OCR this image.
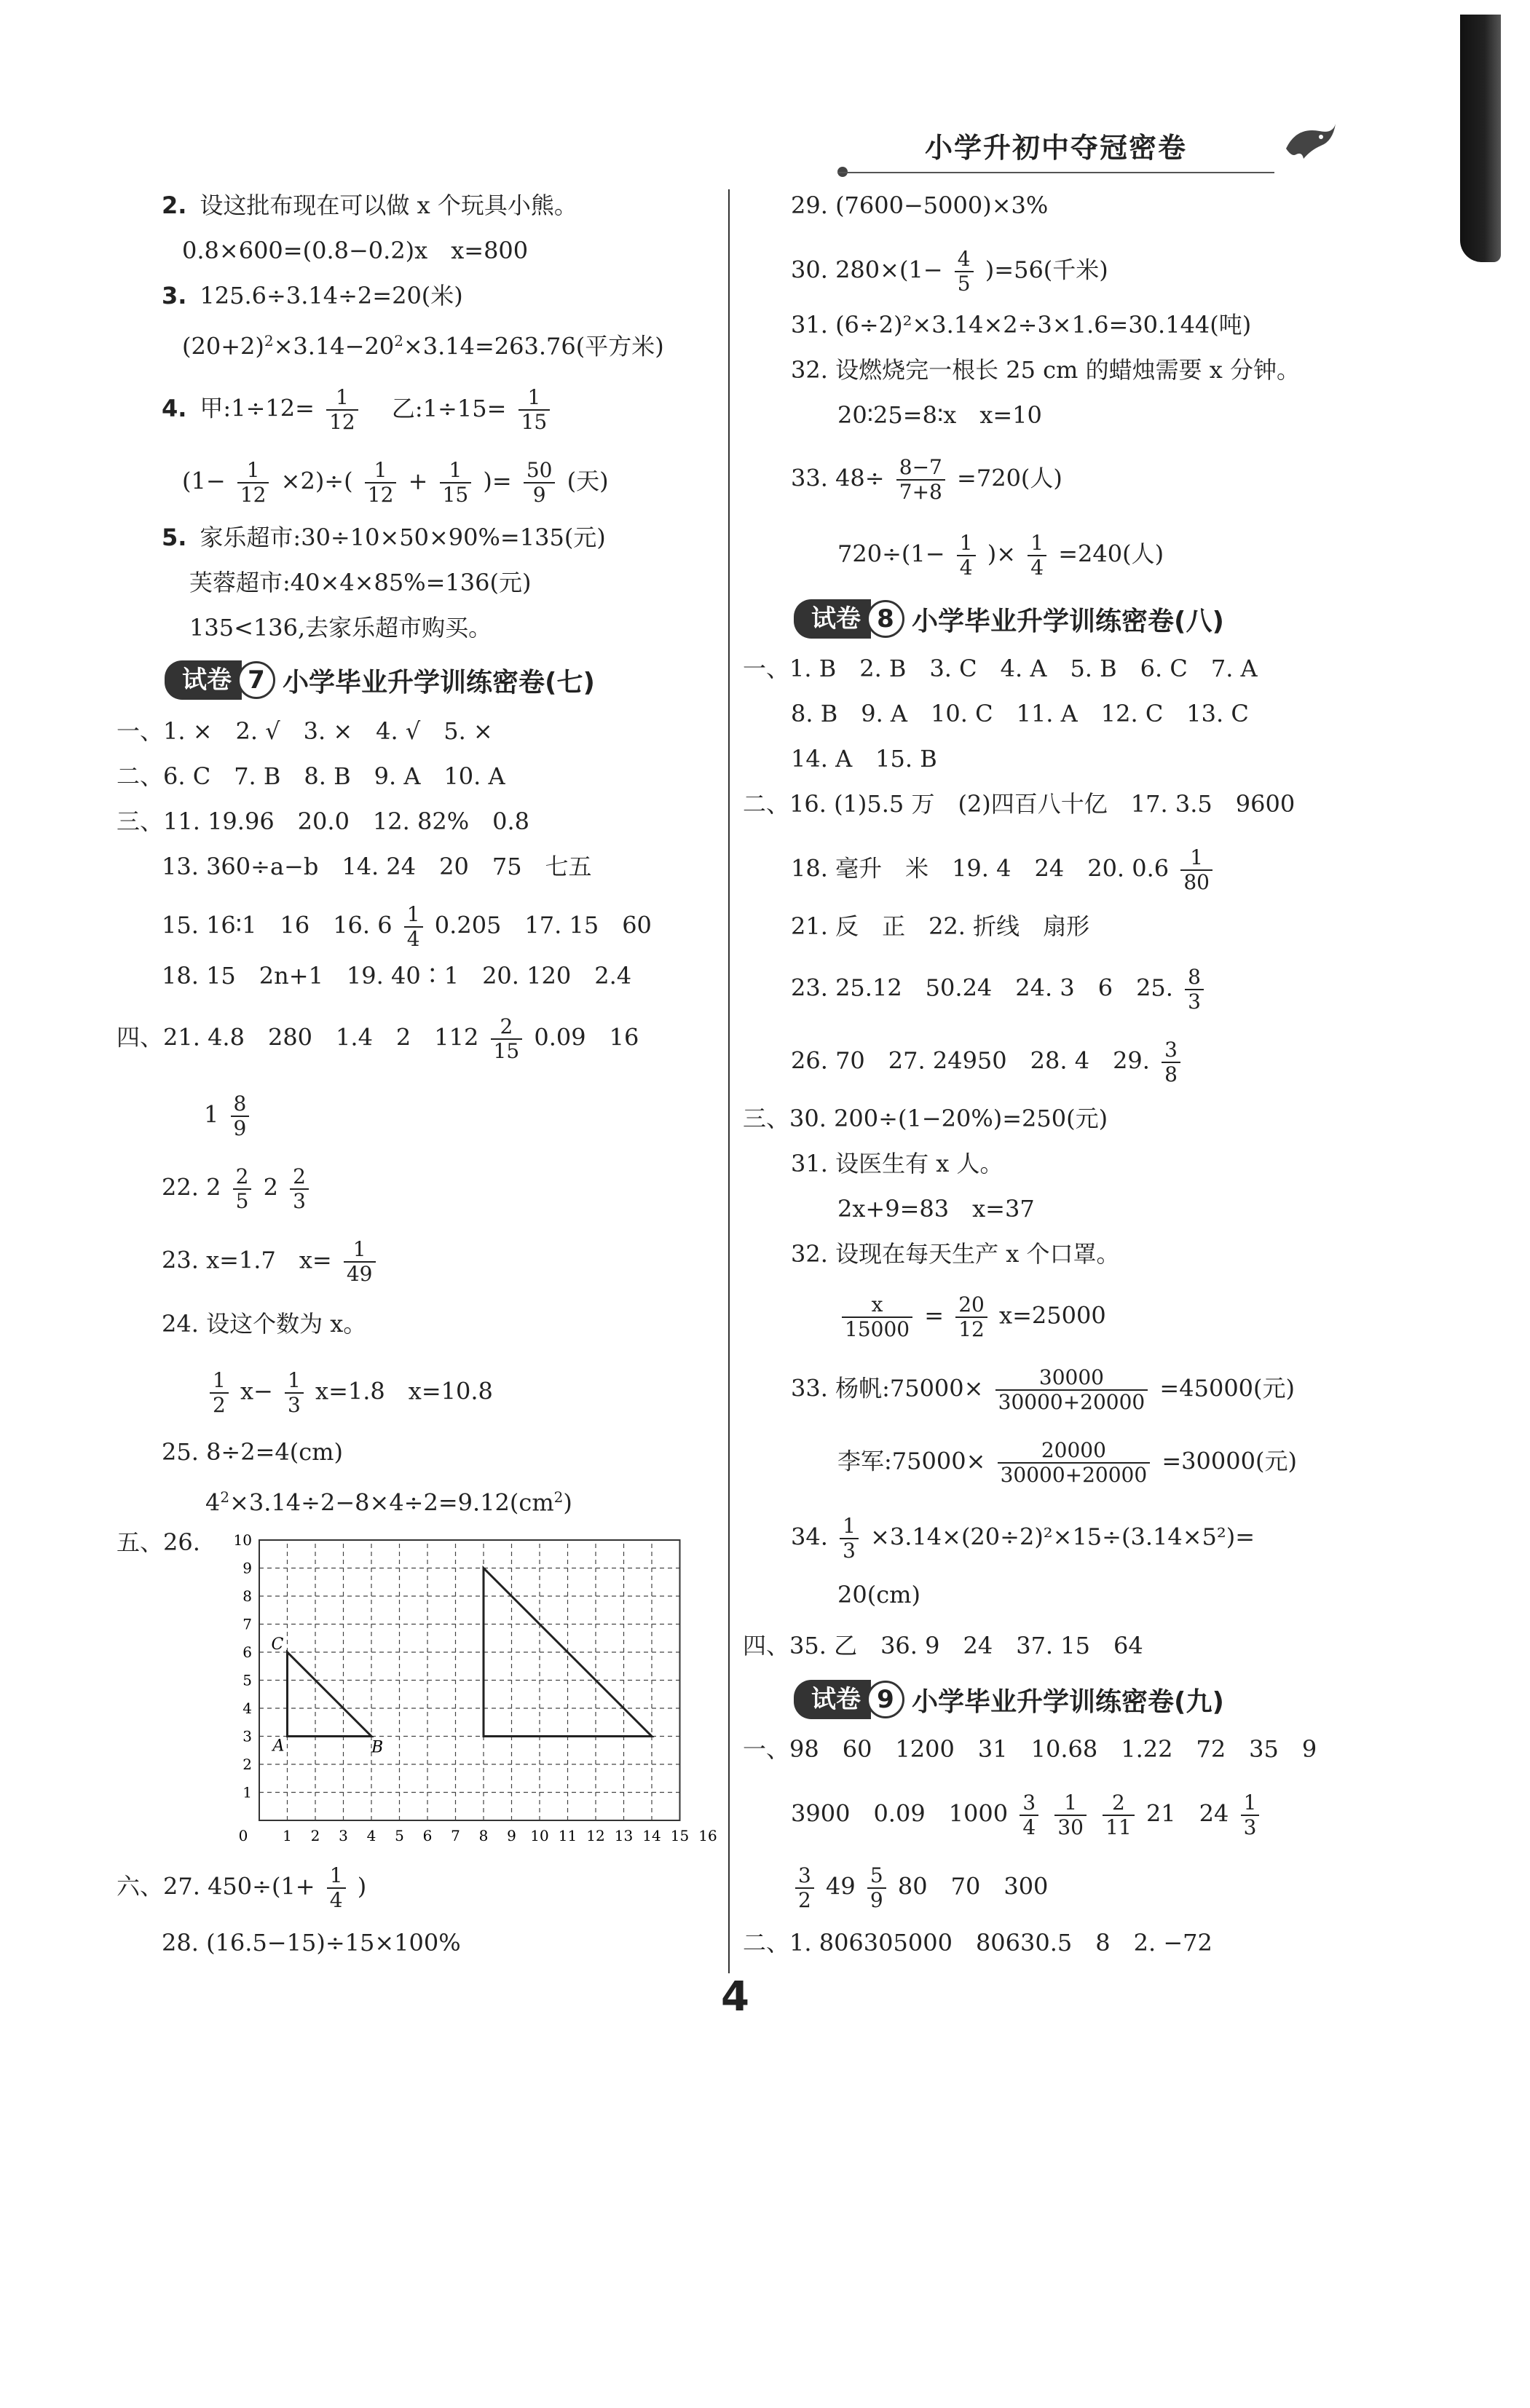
小学升初中夺冠密卷
2. 设这批布现在可以做 x 个玩具小熊。
0.8×600=(0.8−0.2)x　x=800
3. 125.6÷3.14÷2=20(米)
$(20+2)^2\times 3.14-20^2\times 3.14=263.76$(平方米)
4. 甲:1÷12= $\frac{1}{12}$ 乙:1÷15= $\frac{1}{15}$
$(1- \frac{1}{12} \times 2)\div( \frac{1}{12} + \frac{1}{15}$ )= $\frac{50}{9}$ (天)
5. 家乐超市:30÷10×50×90%=135(元)
芙蓉超市:40×4×85%=136(元)
135<136,去家乐超市购买。
试卷 7 小学毕业升学训练密卷(七)
一、1. ×　2. √　3. ×　4. √　5. ×
二、6. C　7. B　8. B　9. A　10. A
三、11. 19.96　20.0　12. 82%　0.8
13. 360÷a−b　14. 24　20　75　七五
15. 16∶1　16　16. $6 \frac{1}{4} 0.205$　17. 15　60
18. 15　2n+1　19. 40∶1　20. 120　2.4
四、21. 4.8　280　1.4　2　$112 \frac{2}{15} 0.09$　16
$1 \frac{8}{9}$
22. $2 \frac{2}{5} 2 \frac{2}{3}$
23. x=1.7　$x= \frac{1}{49}$
24. 设这个数为 x。
$\frac{1}{2} x- \frac{1}{3} x=1.8$　x=10.8
25. 8÷2=4(cm)
$4^2\times 3.14\div 2-8\times 4\div 2=9.12(cm^2)$
五、26.
0 1 2 3 4 5 6 7 8 9 10 11 12 13 14 15 16
1
2
3
4
5
6
7
8
9
10
A	B
C
六、27. $450\div(1+ \frac{1}{4}$ )
28. (16.5−15)÷15×100%
29. (7600−5000)×3%
30. $280\times(1- \frac{4}{5} )=56$(千米)
31. (6÷2)²×3.14×2÷3×1.6=30.144(吨)
32. 设燃烧完一根长 25 cm 的蜡烛需要 x 分钟。
20∶25=8∶x　x=10
33. $48\div \frac{8-7}{7+8} =720$(人)
$720\div(1- \frac{1}{4}$ )× $\frac{1}{4} =240$(人)
试卷 8 小学毕业升学训练密卷(八)
一、1. B　2. B　3. C　4. A　5. B　6. C　7. A
8. B　9. A　10. C　11. A　12. C　13. C
14. A　15. B
二、16. (1)5.5 万　(2)四百八十亿　17. 3.5　9600
18. 毫升　米　19. 4　24　20. $0.6 \frac{1}{80}$
21. 反　正　22. 折线　扇形
23. 25.12　50.24　24. 3　6　25. $\frac{8}{3}$
26. 70　27. 24950　28. 4　29. $\frac{3}{8}$
三、30. 200÷(1−20%)=250(元)
31. 设医生有 x 人。
2x+9=83　x=37
32. 设现在每天生产 x 个口罩。
$\frac{x}{15000} = \frac{20}{12} x=25000$
33. 杨帆:75000× $\frac{30000}{30000+20000} =45000$(元)
李军:75000× $\frac{20000}{30000+20000} =30000$(元)
34. $\frac{1}{3} \times 3.14\times(20\div 2)^2\times 15\div(3.14\times 5^2)=$
20(cm)
四、35. 乙　36. 9　24　37. 15　64
试卷 9 小学毕业升学训练密卷(九)
一、98　60　1200　31　10.68　1.22　72　35　9
3900　0.09　$1000 \frac{3}{4}$
$\frac{1}{30}$
$\frac{2}{11} 21$　$24 \frac{1}{3}$
$\frac{3}{2} 49 \frac{5}{9} 80$　70　300
二、1. 806305000　80630.5　8　2. −72
4
